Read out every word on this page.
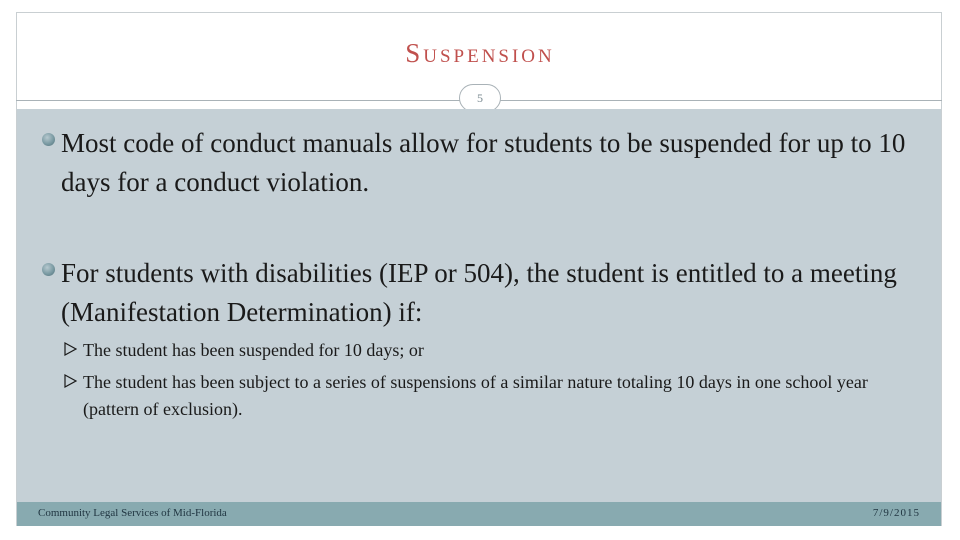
Suspension
5
Most code of conduct manuals allow for students to be suspended for up to 10 days for a conduct violation.
For students with disabilities (IEP or 504), the student is entitled to a meeting (Manifestation Determination) if:
The student has been suspended for 10 days; or
The student has been subject to a series of suspensions of a similar nature totaling 10 days in one school year (pattern of exclusion).
Community Legal Services of Mid-Florida	7/9/2015
